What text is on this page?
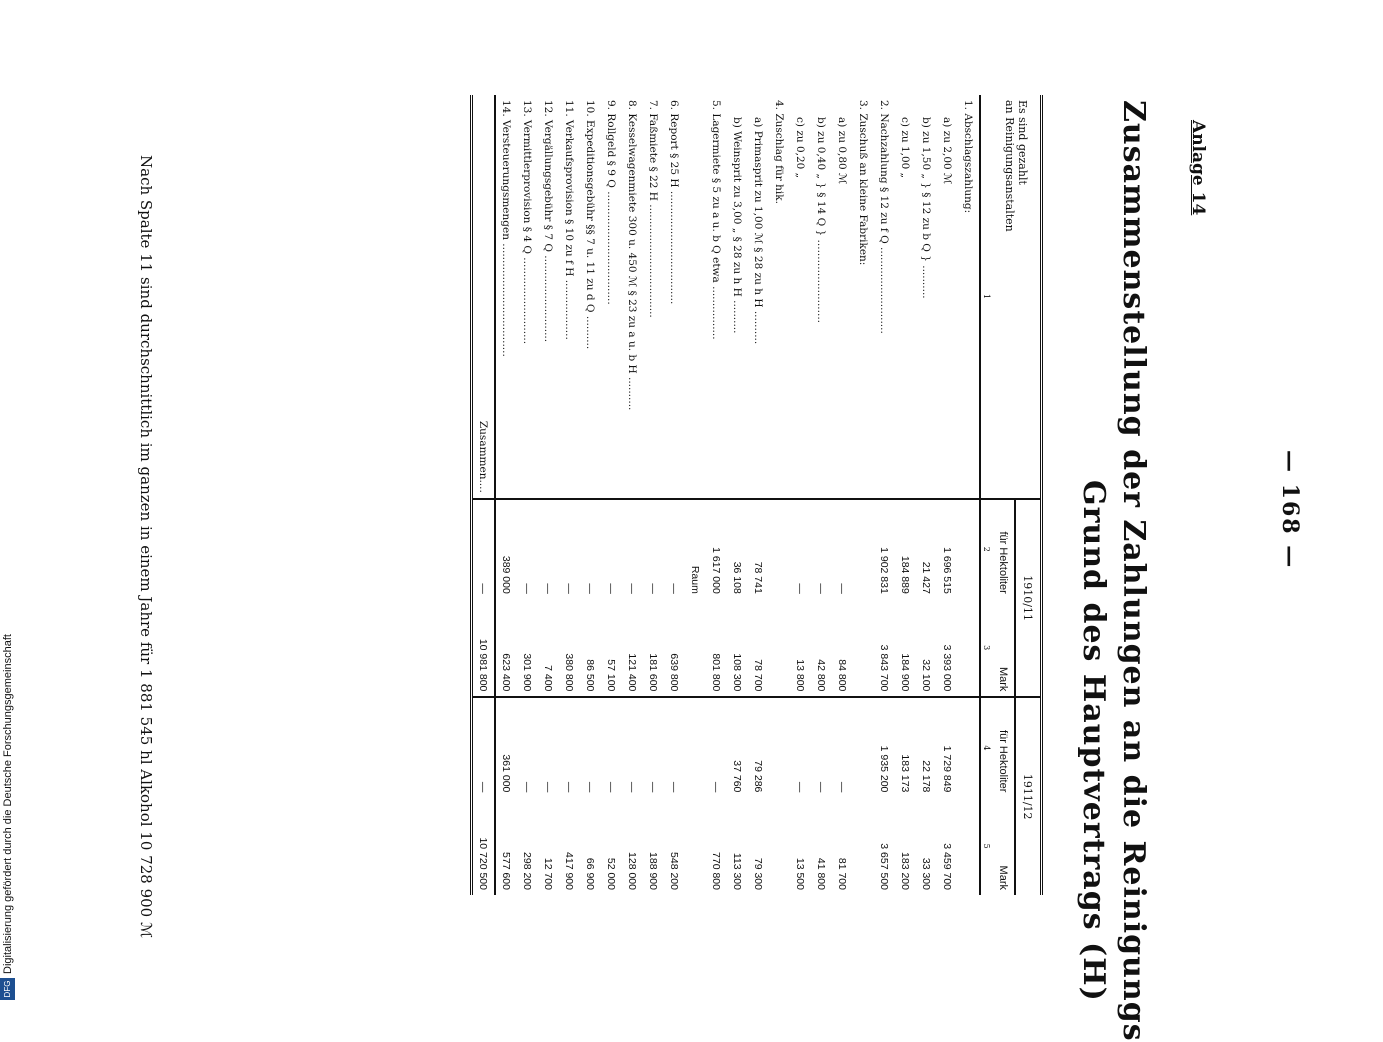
— 168 —
Anlage 14
Zusammenstellung der Zahlungen an die Reinigungs
Grund des Hauptvertrags (H)
Es sind gezahlt
an Reinigungsanstalten	1910/11		1911/12	
	für Hektoliter	Mark	für Hektoliter	Mark
1	2	3	4	5
1. Abschlagszahlung:				
a) zu 2,00 ℳ	1 696 515	3 393 000	1 729 849	3 459 700
b) zu 1,50 „ } § 12 zu b Q } ..........	21 427	32 100	22 178	33 300
c) zu 1,00 „	184 889	184 900	183 173	183 200
2. Nachzahlung § 12 zu f Q ..........................	1 902 831	3 843 700	1 935 200	3 657 500
3. Zuschuß an kleine Fabriken:				
a) zu 0,80 ℳ	—	84 800	—	81 700
b) zu 0,40 „ } § 14 Q } .........................	—	42 800	—	41 800
c) zu 0,20 „	—	13 800	—	13 500
4. Zuschlag für hik.				
a) Primasprit zu 1,00 ℳ § 28 zu h H ..........	78 741	78 700	79 286	79 300
b) Weinsprit zu 3,00 „ § 28 zu h H ..........	36 108	108 300	37 760	113 300
5. Lagermiete § 5 zu a u. b Q etwa ................	1 617 000	801 800	—	770 800
	Raum			
6. Report § 25 H ..................................	—	639 800	—	548 200
7. Faßmiete § 22 H ..................................	—	181 600	—	188 900
8. Kesselwagenmiete 300 u. 450 ℳ § 23 zu a u. b H ..........	—	121 400	—	128 000
9. Rollgeld § 9 Q ..................................	—	57 100	—	52 000
10. Expeditionsgebühr §§ 7 u. 11 zu d Q ..........	—	86 500	—	66 900
11. Verkaufsprovision § 10 zu f H ..................	—	380 800	—	417 900
12. Vergällungsgebühr § 7 Q ..........................	—	7 400	—	12 700
13. Vermittlerprovision § 4 Q ..........................	—	301 900	—	298 200
14. Versteuerungsmengen ..................................	389 000	623 400	361 000	577 600
Zusammen....	—	10 981 800	—	10 720 500
Nach Spalte 11 sind durchschnittlich im ganzen in einem Jahre für 1 881 545 hl Alkohol 10 728 900 ℳ
DFG
Digitalisierung gefördert durch die Deutsche Forschungsgemeinschaft
